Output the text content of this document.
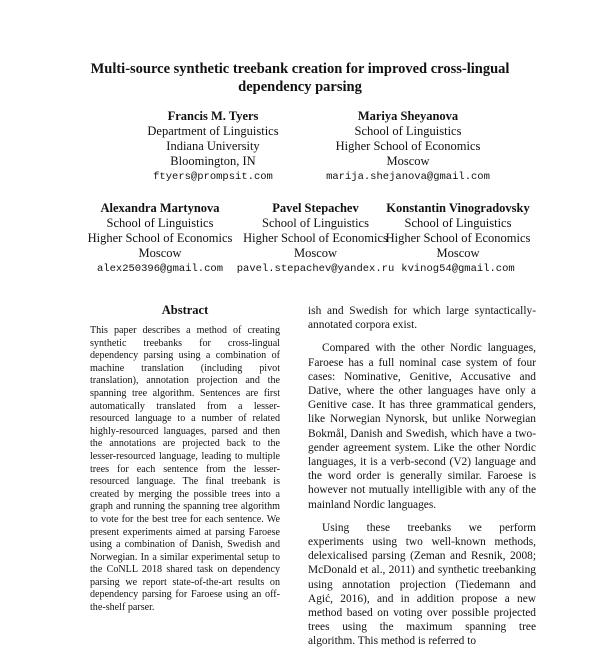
Multi-source synthetic treebank creation for improved cross-lingual dependency parsing
Francis M. Tyers
Department of Linguistics
Indiana University
Bloomington, IN
ftyers@prompsit.com
Mariya Sheyanova
School of Linguistics
Higher School of Economics
Moscow
marija.shejanova@gmail.com
Alexandra Martynova
School of Linguistics
Higher School of Economics
Moscow
alex250396@gmail.com
Pavel Stepachev
School of Linguistics
Higher School of Economics
Moscow
pavel.stepachev@yandex.ru
Konstantin Vinogradovsky
School of Linguistics
Higher School of Economics
Moscow
kvinog54@gmail.com
Abstract
This paper describes a method of creating synthetic treebanks for cross-lingual dependency parsing using a combination of machine translation (including pivot translation), annotation projection and the spanning tree algorithm. Sentences are first automatically translated from a lesser-resourced language to a number of related highly-resourced languages, parsed and then the annotations are projected back to the lesser-resourced language, leading to multiple trees for each sentence from the lesser-resourced language. The final treebank is created by merging the possible trees into a graph and running the spanning tree algorithm to vote for the best tree for each sentence. We present experiments aimed at parsing Faroese using a combination of Danish, Swedish and Norwegian. In a similar experimental setup to the CoNLL 2018 shared task on dependency parsing we report state-of-the-art results on dependency parsing for Faroese using an off-the-shelf parser.

ish and Swedish for which large syntactically-annotated corpora exist.

Compared with the other Nordic languages, Faroese has a full nominal case system of four cases: Nominative, Genitive, Accusative and Dative, where the other languages have only a Genitive case. It has three grammatical genders, like Norwegian Nynorsk, but unlike Norwegian Bokmål, Danish and Swedish, which have a two-gender agreement system. Like the other Nordic languages, it is a verb-second (V2) language and the word order is generally similar. Faroese is however not mutually intelligible with any of the mainland Nordic languages.

Using these treebanks we perform experiments using two well-known methods, delexicalised parsing (Zeman and Resnik, 2008; McDonald et al., 2011) and synthetic treebanking using annotation projection (Tiedemann and Agić, 2016), and in addition propose a new method based on voting over possible projected trees using the maximum spanning tree algorithm. This method is referred to
